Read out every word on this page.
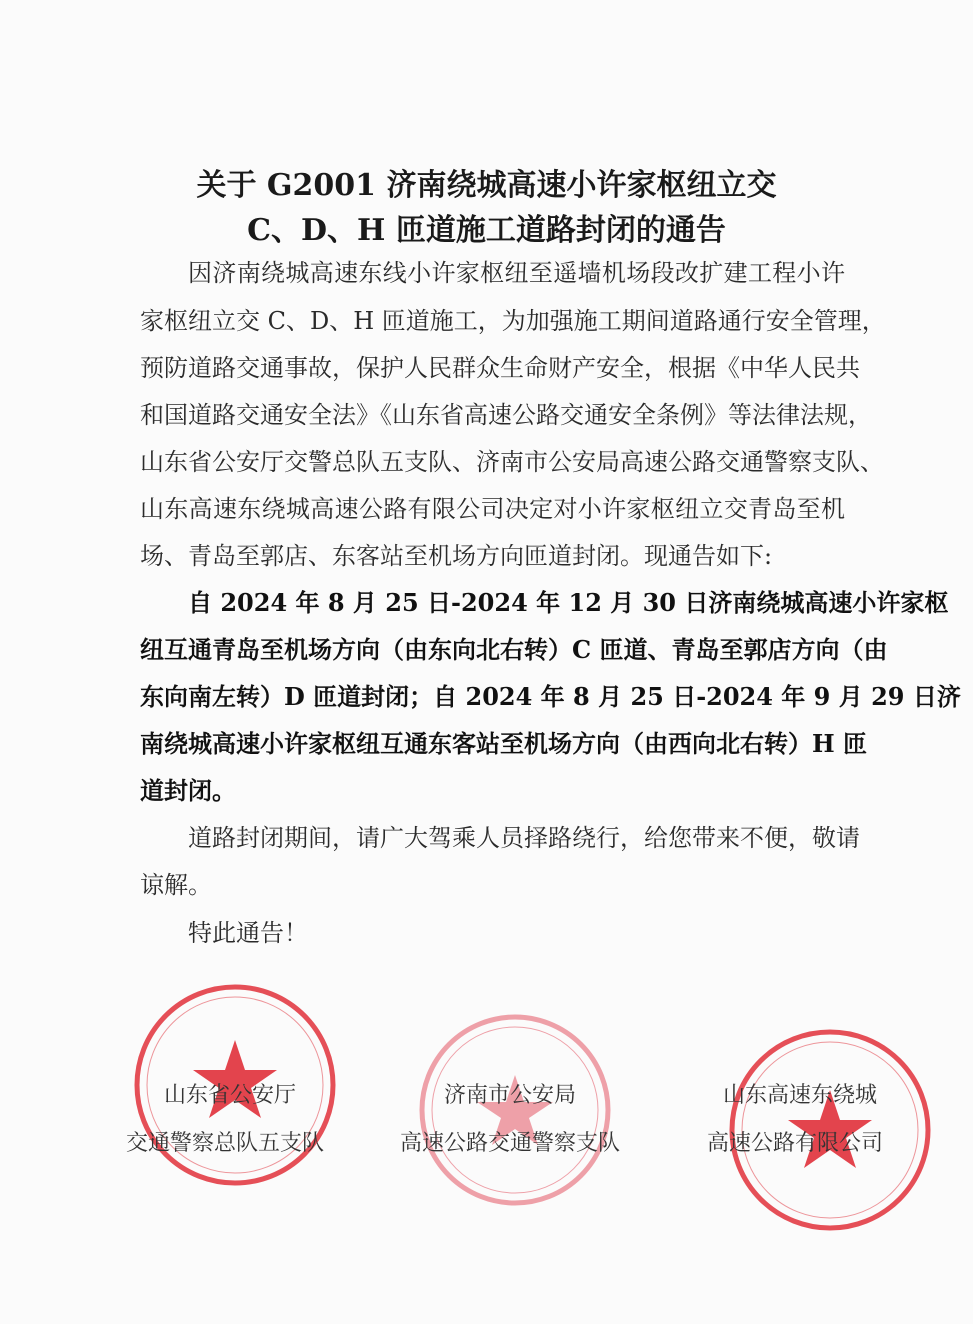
关于 G2001 济南绕城高速小许家枢纽立交
C、D、H 匝道施工道路封闭的通告
因济南绕城高速东线小许家枢纽至遥墙机场段改扩建工程小许
家枢纽立交 C、D、H 匝道施工，为加强施工期间道路通行安全管理，
预防道路交通事故，保护人民群众生命财产安全，根据《中华人民共
和国道路交通安全法》《山东省高速公路交通安全条例》等法律法规，
山东省公安厅交警总队五支队、济南市公安局高速公路交通警察支队、
山东高速东绕城高速公路有限公司决定对小许家枢纽立交青岛至机
场、青岛至郭店、东客站至机场方向匝道封闭。现通告如下:
自 2024 年 8 月 25 日-2024 年 12 月 30 日济南绕城高速小许家枢
纽互通青岛至机场方向（由东向北右转）C 匝道、青岛至郭店方向（由
东向南左转）D 匝道封闭；自 2024 年 8 月 25 日-2024 年 9 月 29 日济
南绕城高速小许家枢纽互通东客站至机场方向（由西向北右转）H 匝
道封闭。
道路封闭期间，请广大驾乘人员择路绕行，给您带来不便，敬请
谅解。
特此通告！
山东省公安厅
交通警察总队五支队
济南市公安局
高速公路交通警察支队
山东高速东绕城
高速公路有限公司
